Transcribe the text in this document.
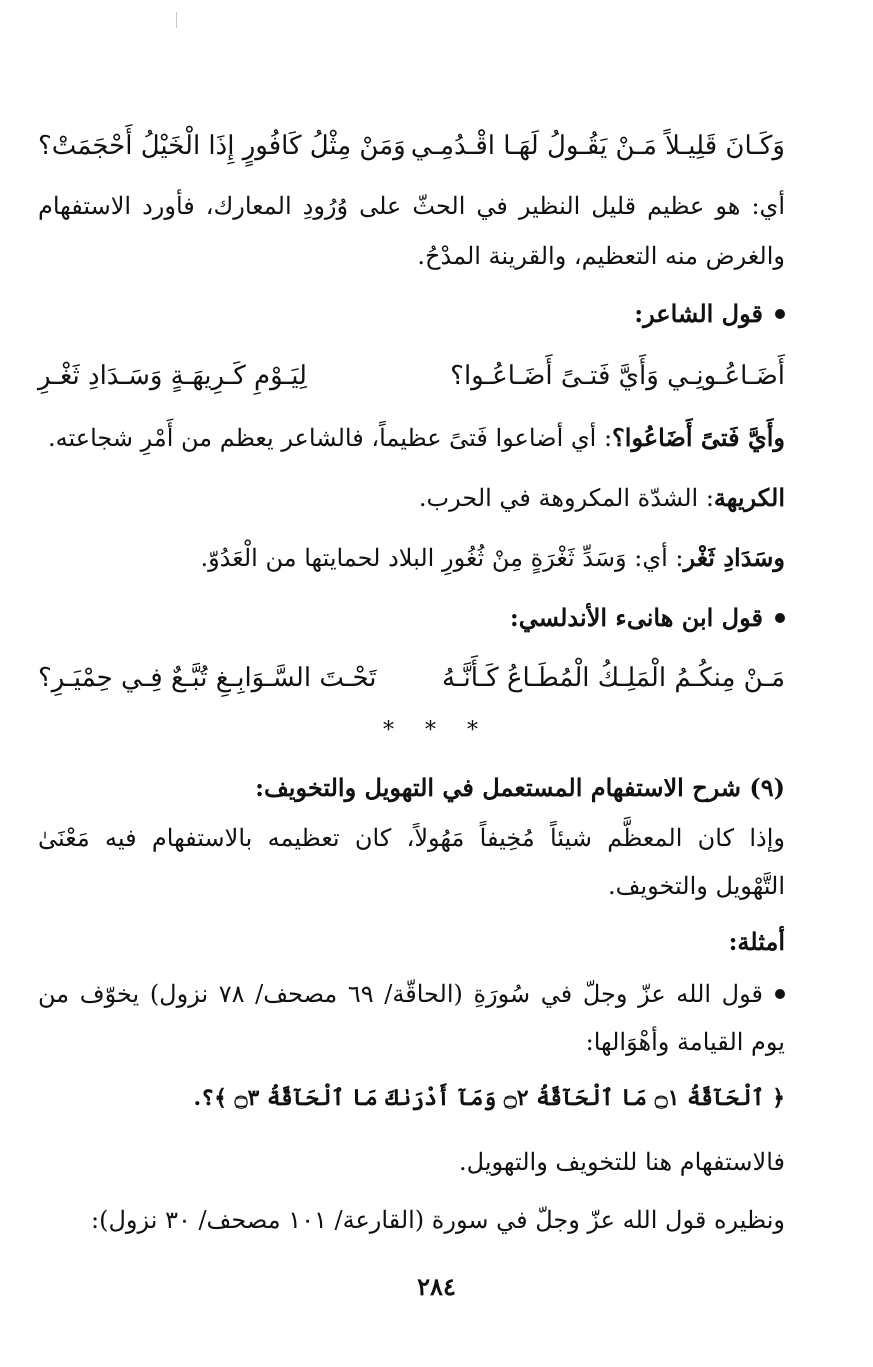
وَكَـانَ قَلِيـلاً مَـنْ يَقُـولُ لَهَـا اقْـدُمِـي
وَمَنْ مِثْلُ كَافُورٍ إِذَا الْخَيْلُ أَحْجَمَتْ؟
أي: هو عظيم قليل النظير في الحثّ على وُرُودِ المعارك، فأورد الاستفهام
والغرض منه التعظيم، والقرينة المدْحُ.
قول الشاعر:
أَضَـاعُـونِـي وَأَيَّ فَتـىً أَضَـاعُـوا؟
لِيَـوْمِ كَـرِيهَـةٍ وَسَـدَادِ ثَغْـرِ
وأَيَّ فَتىً أَضَاعُوا؟: أي أضاعوا فَتىً عظيماً، فالشاعر يعظم من أَمْرِ شجاعته.
الكريهة: الشدّة المكروهة في الحرب.
وسَدَادِ ثَغْر: أي: وَسَدِّ ثَغْرَةٍ مِنْ ثُغُورِ البلاد لحمايتها من الْعَدُوّ.
قول ابن هانىء الأندلسي:
مَـنْ مِنكُـمُ الْمَلِـكُ الْمُطَـاعُ كَـأَنَّـهُ
تَحْـتَ السَّـوَابِـغِ تُبَّـعٌ فِـي حِمْيَـرِ؟
* * *
(٩) شرح الاستفهام المستعمل في التهويل والتخويف:
وإذا كان المعظَّم شيئاً مُخِيفاً مَهُولاً، كان تعظيمه بالاستفهام فيه مَعْنَىٰ
التَّهْويل والتخويف.
أمثلة:
قول الله عزّ وجلّ في سُورَةِ (الحاقّة/ ٦٩ مصحف/ ٧٨ نزول) يخوّف من
يوم القيامة وأهْوَالها:
﴿ ٱلْحَآقَّةُ ۝١ مَا ٱلْحَآقَّةُ ۝٢ وَمَآ أَدْرَىٰكَ مَا ٱلْحَآقَّةُ ۝٣ ﴾؟.
فالاستفهام هنا للتخويف والتهويل.
ونظيره قول الله عزّ وجلّ في سورة (القارعة/ ١٠١ مصحف/ ٣٠ نزول):
٢٨٤
